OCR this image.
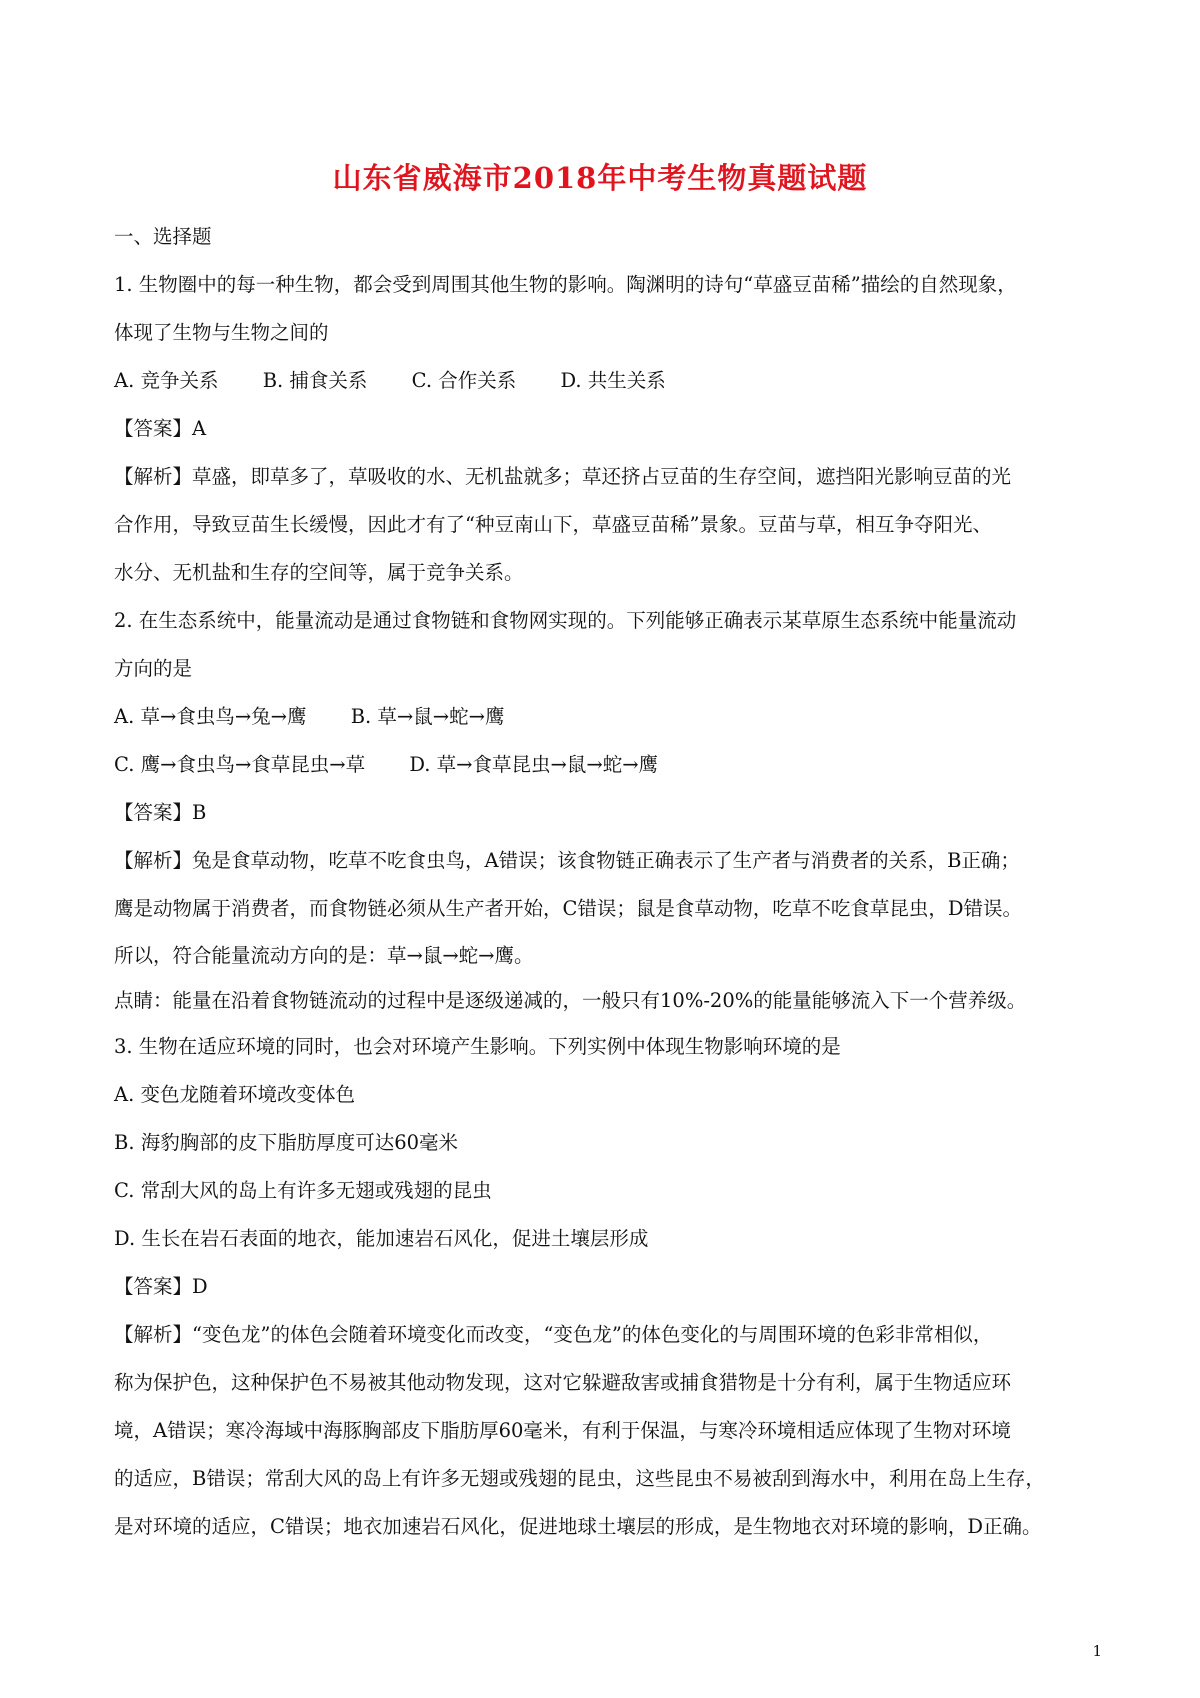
山东省威海市2018年中考生物真题试题
一、选择题
1. 生物圈中的每一种生物，都会受到周围其他生物的影响。陶渊明的诗句“草盛豆苗稀”描绘的自然现象，
体现了生物与生物之间的
A. 竞争关系 B. 捕食关系 C. 合作关系 D. 共生关系
【答案】A
【解析】草盛，即草多了，草吸收的水、无机盐就多；草还挤占豆苗的生存空间，遮挡阳光影响豆苗的光
合作用，导致豆苗生长缓慢，因此才有了“种豆南山下，草盛豆苗稀”景象。豆苗与草，相互争夺阳光、
水分、无机盐和生存的空间等，属于竞争关系。
2. 在生态系统中，能量流动是通过食物链和食物网实现的。下列能够正确表示某草原生态系统中能量流动
方向的是
A. 草→食虫鸟→兔→鹰 B. 草→鼠→蛇→鹰
C. 鹰→食虫鸟→食草昆虫→草 D. 草→食草昆虫→鼠→蛇→鹰
【答案】B
【解析】兔是食草动物，吃草不吃食虫鸟，A错误；该食物链正确表示了生产者与消费者的关系，B正确；
鹰是动物属于消费者，而食物链必须从生产者开始，C错误；鼠是食草动物，吃草不吃食草昆虫，D错误。
所以，符合能量流动方向的是：草→鼠→蛇→鹰。
点睛：能量在沿着食物链流动的过程中是逐级递减的，一般只有10%-20%的能量能够流入下一个营养级。
3. 生物在适应环境的同时，也会对环境产生影响。下列实例中体现生物影响环境的是
A. 变色龙随着环境改变体色
B. 海豹胸部的皮下脂肪厚度可达60毫米
C. 常刮大风的岛上有许多无翅或残翅的昆虫
D. 生长在岩石表面的地衣，能加速岩石风化，促进土壤层形成
【答案】D
【解析】“变色龙”的体色会随着环境变化而改变，“变色龙”的体色变化的与周围环境的色彩非常相似，
称为保护色，这种保护色不易被其他动物发现，这对它躲避敌害或捕食猎物是十分有利，属于生物适应环
境，A错误；寒冷海域中海豚胸部皮下脂肪厚60毫米，有利于保温，与寒冷环境相适应体现了生物对环境
的适应，B错误；常刮大风的岛上有许多无翅或残翅的昆虫，这些昆虫不易被刮到海水中，利用在岛上生存，
是对环境的适应，C错误；地衣加速岩石风化，促进地球土壤层的形成，是生物地衣对环境的影响，D正确。
1
